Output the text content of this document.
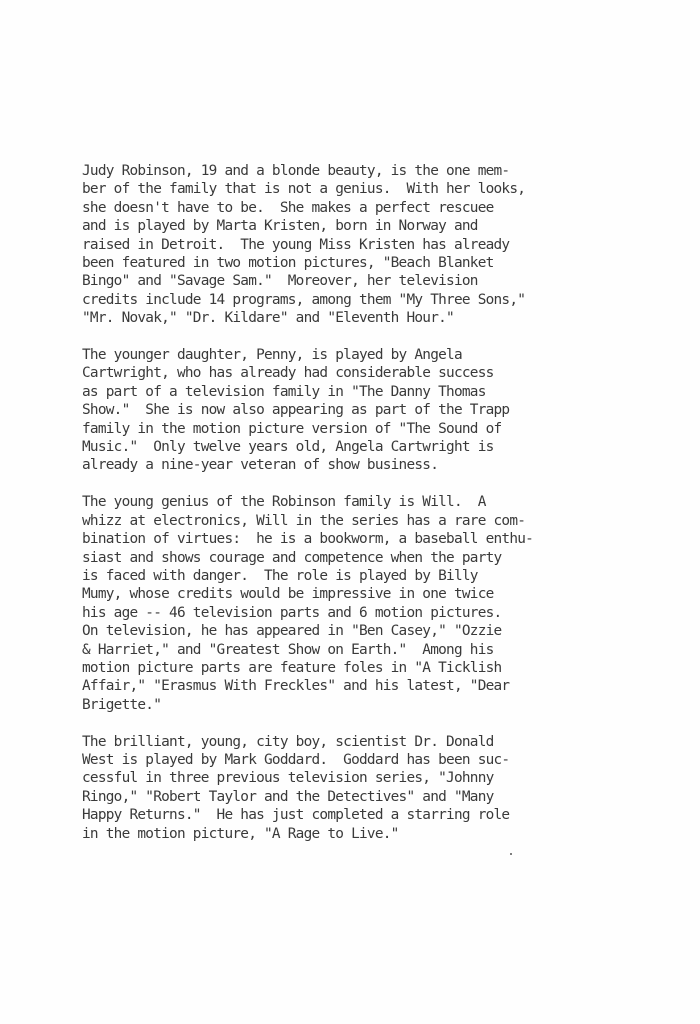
Judy Robinson, 19 and a blonde beauty, is the one mem-
ber of the family that is not a genius.  With her looks,
she doesn't have to be.  She makes a perfect rescuee
and is played by Marta Kristen, born in Norway and
raised in Detroit.  The young Miss Kristen has already
been featured in two motion pictures, "Beach Blanket
Bingo" and "Savage Sam."  Moreover, her television
credits include 14 programs, among them "My Three Sons,"
"Mr. Novak," "Dr. Kildare" and "Eleventh Hour."
The younger daughter, Penny, is played by Angela
Cartwright, who has already had considerable success
as part of a television family in "The Danny Thomas
Show."  She is now also appearing as part of the Trapp
family in the motion picture version of "The Sound of
Music."  Only twelve years old, Angela Cartwright is
already a nine-year veteran of show business.
The young genius of the Robinson family is Will.  A
whizz at electronics, Will in the series has a rare com-
bination of virtues:  he is a bookworm, a baseball enthu-
siast and shows courage and competence when the party
is faced with danger.  The role is played by Billy
Mumy, whose credits would be impressive in one twice
his age -- 46 television parts and 6 motion pictures.
On television, he has appeared in "Ben Casey," "Ozzie
& Harriet," and "Greatest Show on Earth."  Among his
motion picture parts are feature foles in "A Ticklish
Affair," "Erasmus With Freckles" and his latest, "Dear
Brigette."
The brilliant, young, city boy, scientist Dr. Donald
West is played by Mark Goddard.  Goddard has been suc-
cessful in three previous television series, "Johnny
Ringo," "Robert Taylor and the Detectives" and "Many
Happy Returns."  He has just completed a starring role
in the motion picture, "A Rage to Live."
